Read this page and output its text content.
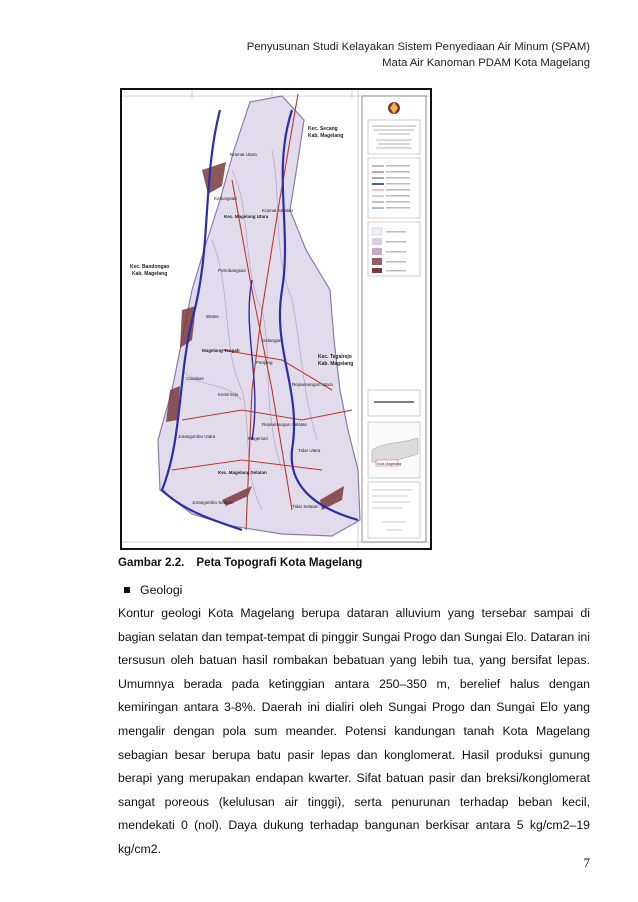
Penyusunan Studi Kelayakan Sistem Penyediaan Air Minum (SPAM)
Mata Air Kanoman PDAM Kota Magelang
Kec. Bandongan
Kab. Magelang
Kec. Secang
Kab. Magelang
Kec. Tegalrejo
Kab. Magelang
Kec. Magelang Utara
Magelang Tengah
Kec. Magelang Selatan
Kramat Utara
Kramat Selatan
Kedungsari
Wates
Potrobangsan
Gelangan
Panjang
Cacaban
Kemirirejo
Rejowinangun Utara
Rejowinangun Selatan
Magersari
Tidar Utara
Tidar Selatan
Jurangombo Utara
Jurangombo Selatan
Kota Magelang
Gambar 2.2. Peta Topografi Kota Magelang
Geologi
Kontur geologi Kota Magelang berupa dataran alluvium yang tersebar sampai di bagian selatan dan tempat-tempat di pinggir Sungai Progo dan Sungai Elo. Dataran ini tersusun oleh batuan hasil rombakan bebatuan yang lebih tua, yang bersifat lepas. Umumnya berada pada ketinggian antara 250–350 m, berelief halus dengan kemiringan antara 3-8%. Daerah ini dialiri oleh Sungai Progo dan Sungai Elo yang mengalir dengan pola sum meander. Potensi kandungan tanah Kota Magelang sebagian besar berupa batu pasir lepas dan konglomerat. Hasil produksi gunung berapi yang merupakan endapan kwarter. Sifat batuan pasir dan breksi/konglomerat sangat poreous (kelulusan air tinggi), serta penurunan terhadap beban kecil, mendekati 0 (nol). Daya dukung terhadap bangunan berkisar antara 5 kg/cm2–19 kg/cm2.
7
